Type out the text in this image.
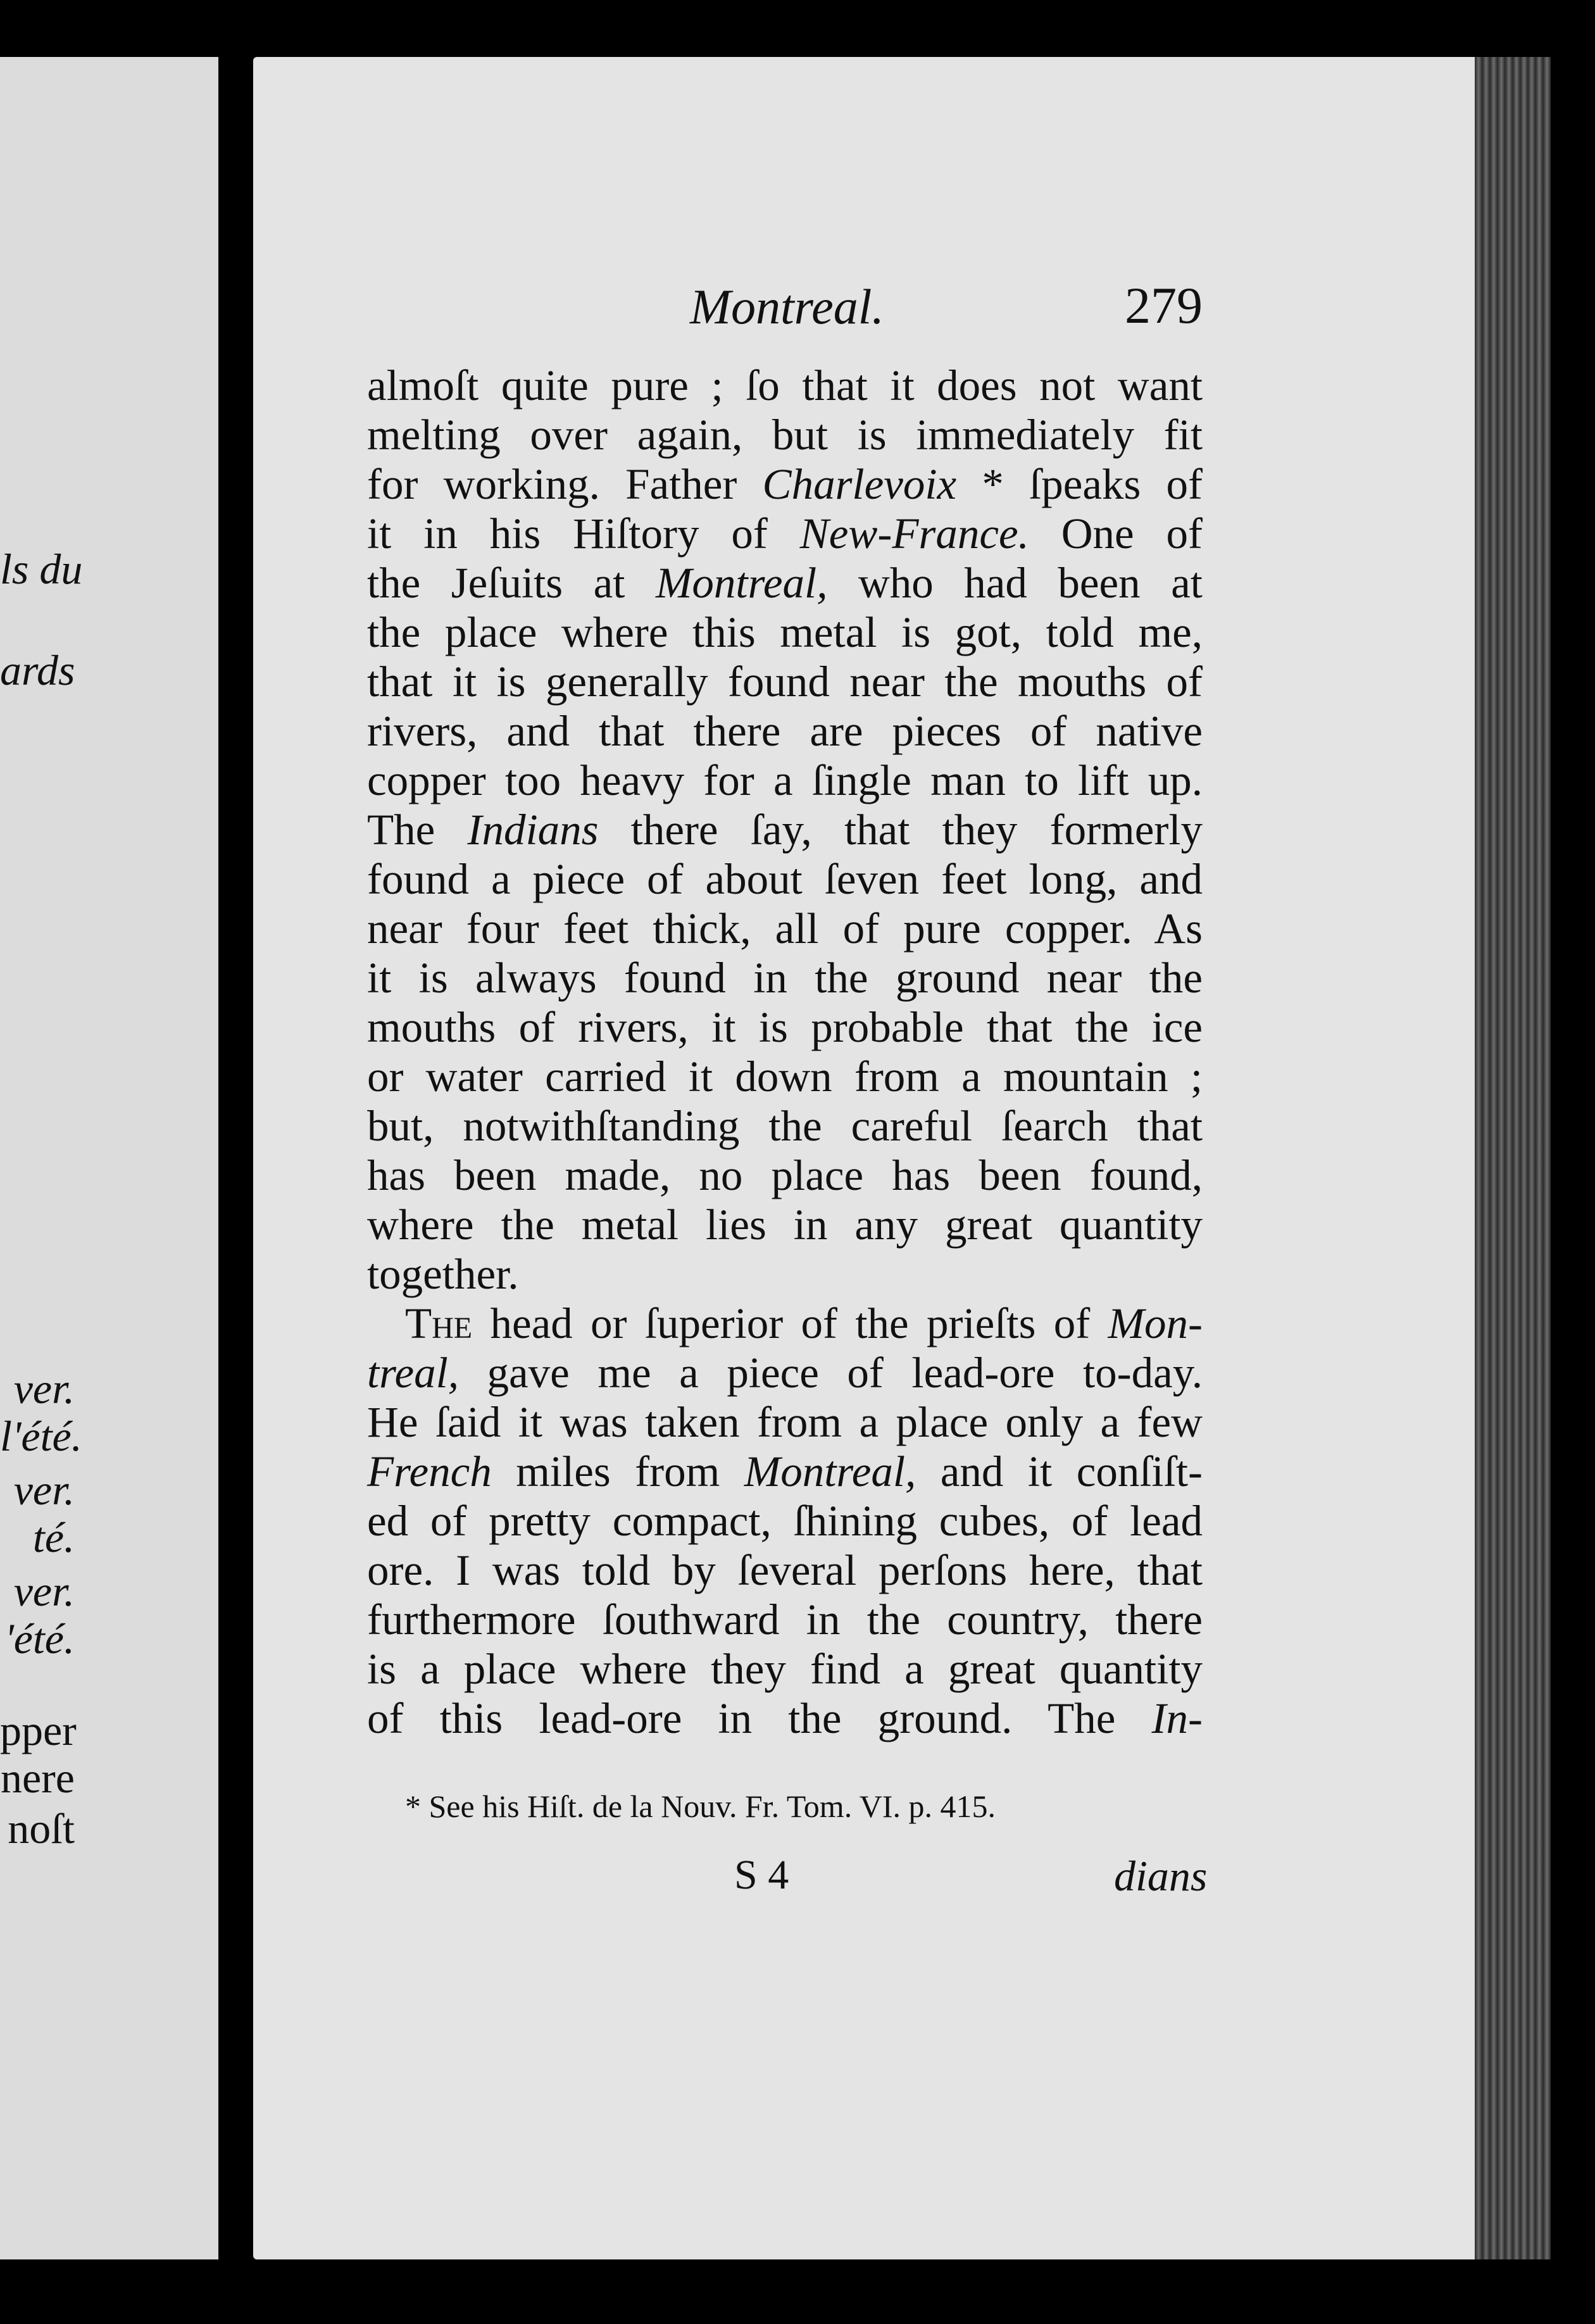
ls du
ards
ver.
l'été.
ver.
té.
ver.
'été.
pper
nere
noſt
Montreal.	279
almoſt quite pure ; ſo that it does not want
melting over again, but is immediately fit
for working. Father Charlevoix * ſpeaks of
it in his Hiſtory of New-France. One of
the Jeſuits at Montreal, who had been at
the place where this metal is got, told me,
that it is generally found near the mouths of
rivers, and that there are pieces of native
copper too heavy for a ſingle man to lift up.
The Indians there ſay, that they formerly
found a piece of about ſeven feet long, and
near four feet thick, all of pure copper. As
it is always found in the ground near the
mouths of rivers, it is probable that the ice
or water carried it down from a mountain ;
but, notwithſtanding the careful ſearch that
has been made, no place has been found,
where the metal lies in any great quantity
together.
The head or ſuperior of the prieſts of Mon-
treal, gave me a piece of lead-ore to-day.
He ſaid it was taken from a place only a few
French miles from Montreal, and it conſiſt-
ed of pretty compact, ſhining cubes, of lead
ore. I was told by ſeveral perſons here, that
furthermore ſouthward in the country, there
is a place where they find a great quantity
of this lead-ore in the ground. The In-
* See his Hiſt. de la Nouv. Fr. Tom. VI. p. 415.
S 4	dians
